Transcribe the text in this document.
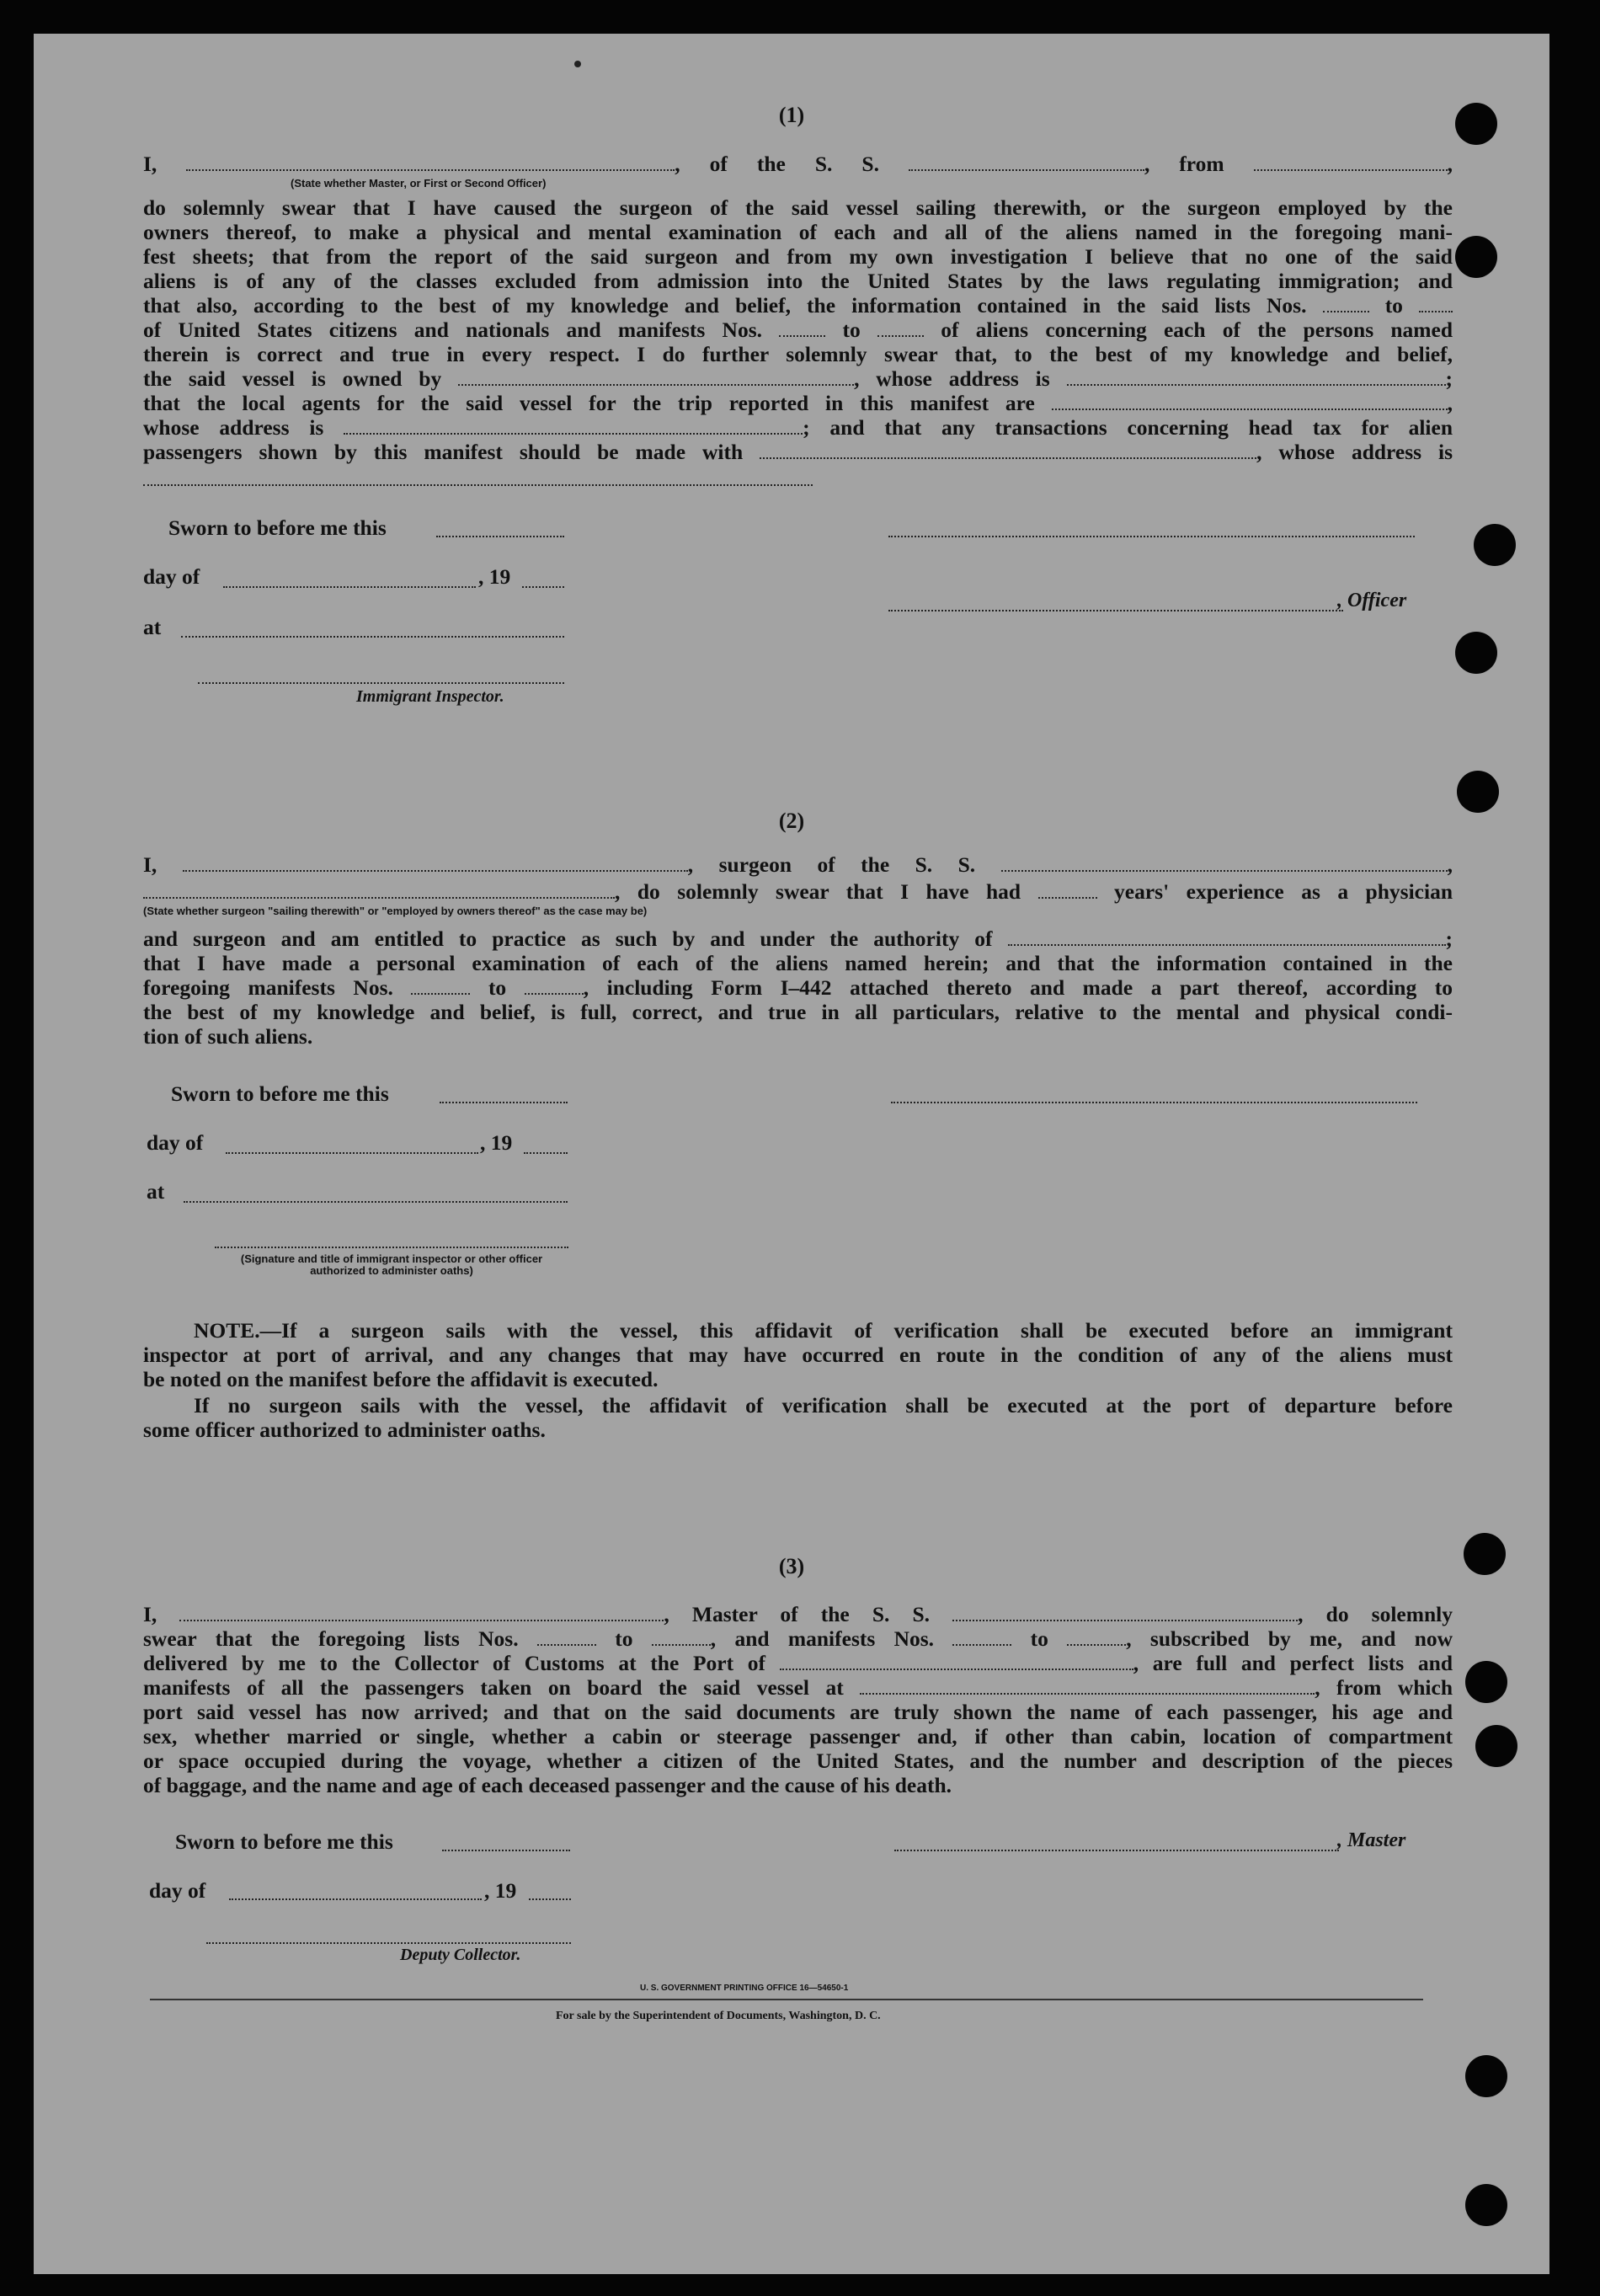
(1)
I,	, of the S. S.	, from	,
(State whether Master, or First or Second Officer)
do solemnly swear that I have caused the surgeon of the said vessel sailing therewith, or the surgeon employed by the
owners thereof, to make a physical and mental examination of each and all of the aliens named in the foregoing mani-
fest sheets; that from the report of the said surgeon and from my own investigation I believe that no one of the said
aliens is of any of the classes excluded from admission into the United States by the laws regulating immigration; and
that also, according to the best of my knowledge and belief, the information contained in the said lists Nos.	to
of United States citizens and nationals and manifests Nos.	to	of aliens concerning each of the persons named
therein is correct and true in every respect. I do further solemnly swear that, to the best of my knowledge and belief,
the said vessel is owned by	, whose address is	;
that the local agents for the said vessel for the trip reported in this manifest are	,
whose address is	; and that any transactions concerning head tax for alien
passengers shown by this manifest should be made with	, whose address is
Sworn to before me this
day of	, 19
, Officer
at
Immigrant Inspector.
(2)
I,	, surgeon of the S. S.	,
, do solemnly swear that I have had	years' experience as a physician
(State whether surgeon "sailing therewith" or "employed by owners thereof" as the case may be)
and surgeon and am entitled to practice as such by and under the authority of	;
that I have made a personal examination of each of the aliens named herein; and that the information contained in the
foregoing manifests Nos.	to	, including Form I–442 attached thereto and made a part thereof, according to
the best of my knowledge and belief, is full, correct, and true in all particulars, relative to the mental and physical condi-
tion of such aliens.
Sworn to before me this
day of	, 19
at
(Signature and title of immigrant inspector or other officer authorized to administer oaths)
NOTE.—If a surgeon sails with the vessel, this affidavit of verification shall be executed before an immigrant
inspector at port of arrival, and any changes that may have occurred en route in the condition of any of the aliens must
be noted on the manifest before the affidavit is executed.
If no surgeon sails with the vessel, the affidavit of verification shall be executed at the port of departure before
some officer authorized to administer oaths.
(3)
I,	, Master of the S. S.	, do solemnly
swear that the foregoing lists Nos.	to	, and manifests Nos.	to	, subscribed by me, and now
delivered by me to the Collector of Customs at the Port of	, are full and perfect lists and
manifests of all the passengers taken on board the said vessel at	, from which
port said vessel has now arrived; and that on the said documents are truly shown the name of each passenger, his age and
sex, whether married or single, whether a cabin or steerage passenger and, if other than cabin, location of compartment
or space occupied during the voyage, whether a citizen of the United States, and the number and description of the pieces
of baggage, and the name and age of each deceased passenger and the cause of his death.
Sworn to before me this	, Master
day of	, 19
Deputy Collector.
U. S. GOVERNMENT PRINTING OFFICE 16—54650-1
For sale by the Superintendent of Documents, Washington, D. C.
